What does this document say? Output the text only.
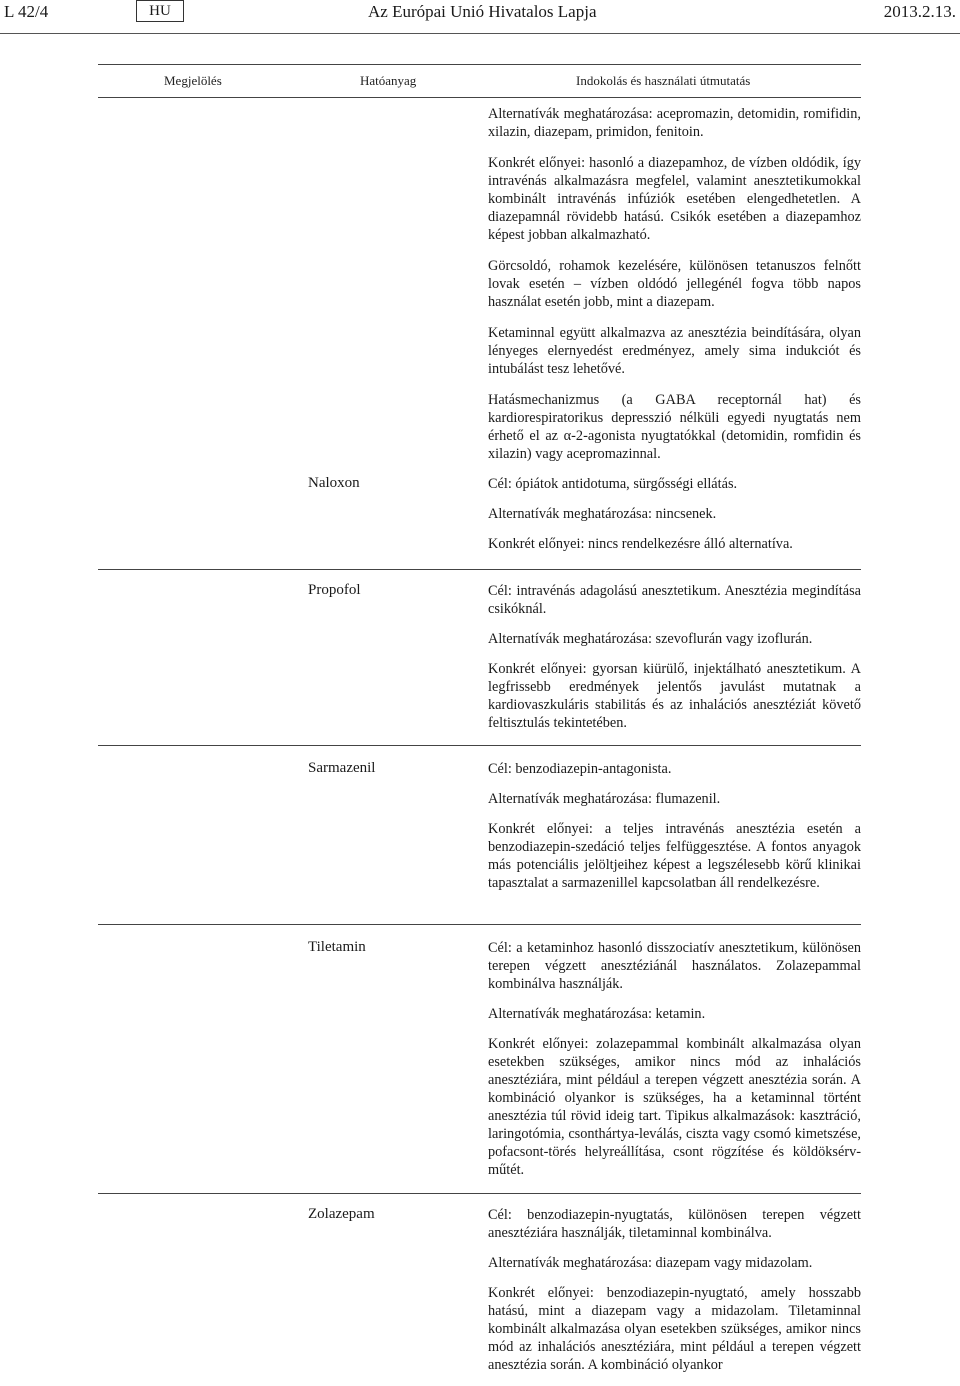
L 42/4	HU	Az Európai Unió Hivatalos Lapja	2013.2.13.
Megjelölés	Hatóanyag	Indokolás és használati útmutatás

Alternatívák meghatározása: acepromazin, detomidin, romifidin, xilazin, diazepam, primidon, fenitoin.

Konkrét előnyei: hasonló a diazepamhoz, de vízben oldódik, így intravénás alkalmazásra megfelel, valamint anesztetikumokkal kombinált intravénás infúziók esetében elengedhetetlen. A diazepamnál rövidebb hatású. Csikók esetében a diazepamhoz képest jobban alkalmazható.

Görcsoldó, rohamok kezelésére, különösen tetanuszos felnőtt lovak esetén – vízben oldódó jellegénél fogva több napos használat esetén jobb, mint a diazepam.

Ketaminnal együtt alkalmazva az anesztézia beindítására, olyan lényeges elernyedést eredményez, amely sima indukciót és intubálást tesz lehetővé.

Hatásmechanizmus (a GABA receptornál hat) és kardiorespiratorikus depresszió nélküli egyedi nyugtatás nem érhető el az α-2-agonista nyugtatókkal (detomidin, romfidin és xilazin) vagy acepromazinnal.

Naloxon	Cél: ópiátok antidotuma, sürgősségi ellátás.

Alternatívák meghatározása: nincsenek.

Konkrét előnyei: nincs rendelkezésre álló alternatíva.

Propofol	Cél: intravénás adagolású anesztetikum. Anesztézia megindítása csikóknál.

Alternatívák meghatározása: szevoflurán vagy izoflurán.

Konkrét előnyei: gyorsan kiürülő, injektálható anesztetikum. A legfrissebb eredmények jelentős javulást mutatnak a kardiovaszkuláris stabilitás és az inhalációs anesztéziát követő feltisztulás tekintetében.

Sarmazenil	Cél: benzodiazepin-antagonista.

Alternatívák meghatározása: flumazenil.

Konkrét előnyei: a teljes intravénás anesztézia esetén a benzodiazepin-szedáció teljes felfüggesztése. A fontos anyagok más potenciális jelöltjeihez képest a legszélesebb körű klinikai tapasztalat a sarmazenillel kapcsolatban áll rendelkezésre.

Tiletamin	Cél: a ketaminhoz hasonló disszociatív anesztetikum, különösen terepen végzett anesztéziánál használatos. Zolazepammal kombinálva használják.

Alternatívák meghatározása: ketamin.

Konkrét előnyei: zolazepammal kombinált alkalmazása olyan esetekben szükséges, amikor nincs mód az inhalációs anesztéziára, mint például a terepen végzett anesztézia során. A kombináció olyankor is szükséges, ha a ketaminnal történt anesztézia túl rövid ideig tart. Tipikus alkalmazások: kasztráció, laringotómia, csonthártya-leválás, ciszta vagy csomó kimetszése, pofacsont-törés helyreállítása, csont rögzítése és köldöksérv-műtét.

Zolazepam	Cél: benzodiazepin-nyugtatás, különösen terepen végzett anesztéziára használják, tiletaminnal kombinálva.

Alternatívák meghatározása: diazepam vagy midazolam.

Konkrét előnyei: benzodiazepin-nyugtató, amely hosszabb hatású, mint a diazepam vagy a midazolam. Tiletaminnal kombinált alkalmazása olyan esetekben szükséges, amikor nincs mód az inhalációs anesztéziára, mint például a terepen végzett anesztézia során. A kombináció olyankor
